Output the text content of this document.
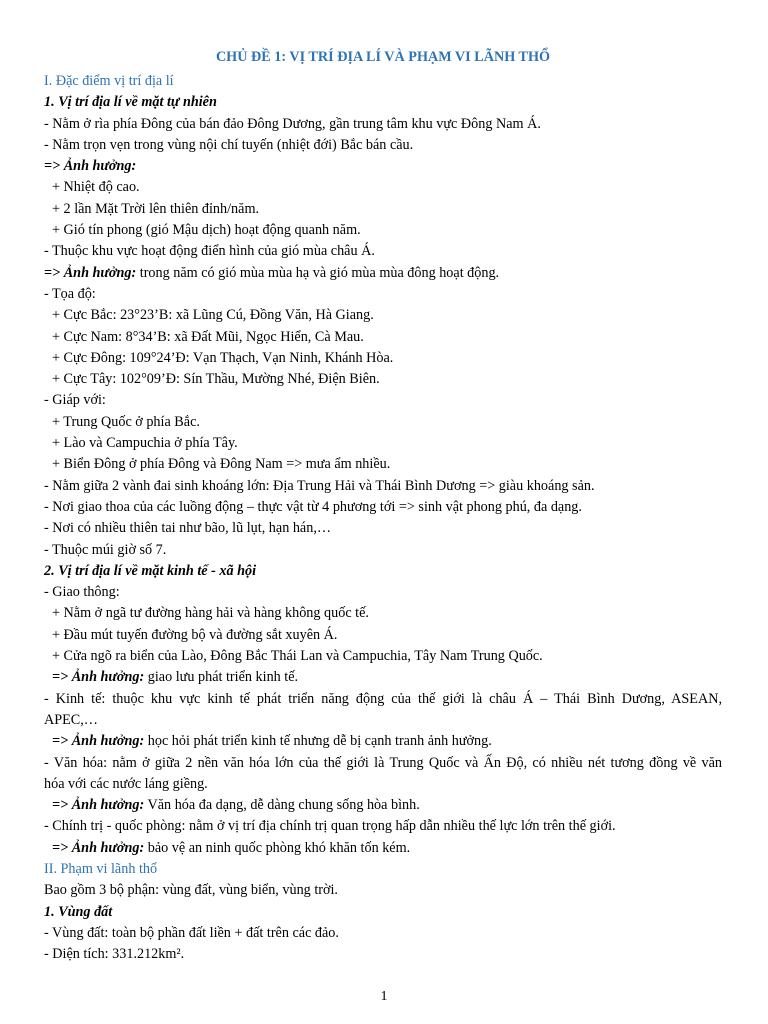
CHỦ ĐỀ 1: VỊ TRÍ ĐỊA LÍ VÀ PHẠM VI LÃNH THỔ
I. Đặc điểm vị trí địa lí
1. Vị trí địa lí về mặt tự nhiên
- Nằm ở rìa phía Đông của bán đảo Đông Dương, gần trung tâm khu vực Đông Nam Á.
- Nằm trọn vẹn trong vùng nội chí tuyến (nhiệt đới) Bắc bán cầu.
=> Ảnh hưởng:
+ Nhiệt độ cao.
+ 2 lần Mặt Trời lên thiên đỉnh/năm.
+ Gió tín phong (gió Mậu dịch) hoạt động quanh năm.
- Thuộc khu vực hoạt động điển hình của gió mùa châu Á.
=> Ảnh hưởng: trong năm có gió mùa mùa hạ và gió mùa mùa đông hoạt động.
- Tọa độ:
+ Cực Bắc: 23°23’B: xã Lũng Cú, Đồng Văn, Hà Giang.
+ Cực Nam: 8°34’B: xã Đất Mũi, Ngọc Hiển, Cà Mau.
+ Cực Đông: 109°24’Đ: Vạn Thạch, Vạn Ninh, Khánh Hòa.
+ Cực Tây: 102°09’Đ: Sín Thầu, Mường Nhé, Điện Biên.
- Giáp với:
+ Trung Quốc ở phía Bắc.
+ Lào và Campuchia ở phía Tây.
+ Biển Đông ở phía Đông và Đông Nam => mưa ẩm nhiều.
- Nằm giữa 2 vành đai sinh khoáng lớn: Địa Trung Hải và Thái Bình Dương => giàu khoáng sản.
- Nơi giao thoa của các luồng động – thực vật từ 4 phương tới => sinh vật phong phú, đa dạng.
- Nơi có nhiều thiên tai như bão, lũ lụt, hạn hán,…
- Thuộc múi giờ số 7.
2. Vị trí địa lí về mặt kinh tế - xã hội
- Giao thông:
+ Nằm ở ngã tư đường hàng hải và hàng không quốc tế.
+ Đầu mút tuyến đường bộ và đường sắt xuyên Á.
+ Cửa ngõ ra biển của Lào, Đông Bắc Thái Lan và Campuchia, Tây Nam Trung Quốc.
=> Ảnh hưởng: giao lưu phát triển kinh tế.
- Kinh tế: thuộc khu vực kinh tế phát triển năng động của thế giới là châu Á – Thái Bình Dương, ASEAN,
APEC,…
=> Ảnh hưởng: học hỏi phát triển kinh tế nhưng dễ bị cạnh tranh ảnh hưởng.
- Văn hóa: nằm ở giữa 2 nền văn hóa lớn của thế giới là Trung Quốc và Ấn Độ, có nhiều nét tương đồng về văn
hóa với các nước láng giềng.
=> Ảnh hưởng: Văn hóa đa dạng, dễ dàng chung sống hòa bình.
- Chính trị - quốc phòng: nằm ở vị trí địa chính trị quan trọng hấp dẫn nhiều thế lực lớn trên thế giới.
=> Ảnh hưởng: bảo vệ an ninh quốc phòng khó khăn tốn kém.
II. Phạm vi lãnh thổ
Bao gồm 3 bộ phận: vùng đất, vùng biển, vùng trời.
1. Vùng đất
- Vùng đất: toàn bộ phần đất liền + đất trên các đảo.
- Diện tích: 331.212km².
1
